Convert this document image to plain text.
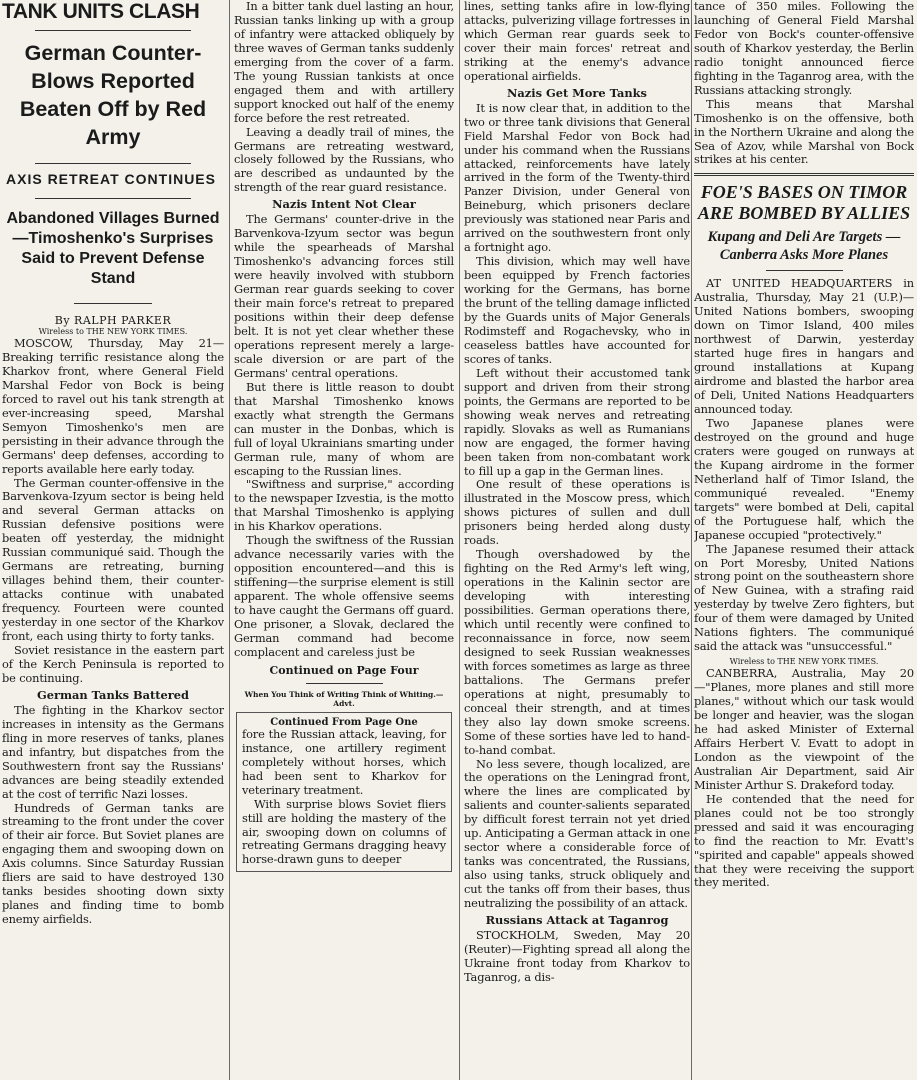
TANK UNITS CLASH
German Counter-Blows Reported Beaten Off by Red Army
AXIS RETREAT CONTINUES
Abandoned Villages Burned—Timoshenko's Surprises Said to Prevent Defense Stand
By RALPH PARKER
Wireless to THE NEW YORK TIMES.

MOSCOW, Thursday, May 21—Breaking terrific resistance along the Kharkov front, where General Field Marshal Fedor von Bock is being forced to ravel out his tank strength at ever-increasing speed, Marshal Semyon Timoshenko's men are persisting in their advance through the Germans' deep defenses, according to reports available here early today.

The German counter-offensive in the Barvenkova-Izyum sector is being held and several German attacks on Russian defensive positions were beaten off yesterday, the midnight Russian communiqué said. Though the Germans are retreating, burning villages behind them, their counter-attacks continue with unabated frequency. Fourteen were counted yesterday in one sector of the Kharkov front, each using thirty to forty tanks.

Soviet resistance in the eastern part of the Kerch Peninsula is reported to be continuing.

German Tanks Battered

The fighting in the Kharkov sector increases in intensity as the Germans fling in more reserves of tanks, planes and infantry, but dispatches from the Southwestern front say the Russians' advances are being steadily extended at the cost of terrific Nazi losses.

Hundreds of German tanks are streaming to the front under the cover of their air force. But Soviet planes are engaging them and swooping down on Axis columns. Since Saturday Russian fliers are said to have destroyed 130 tanks besides shooting down sixty planes and finding time to bomb enemy airfields.

In a bitter tank duel lasting an hour, Russian tanks linking up with a group of infantry were attacked obliquely by three waves of German tanks suddenly emerging from the cover of a farm. The young Russian tankists at once engaged them and with artillery support knocked out half of the enemy force before the rest retreated.

Leaving a deadly trail of mines, the Germans are retreating westward, closely followed by the Russians, who are described as undaunted by the strength of the rear guard resistance.

Nazis Intent Not Clear

The Germans' counter-drive in the Barvenkova-Izyum sector was begun while the spearheads of Marshal Timoshenko's advancing forces still were heavily involved with stubborn German rear guards seeking to cover their main force's retreat to prepared positions within their deep defense belt. It is not yet clear whether these operations represent merely a large-scale diversion or are part of the Germans' central operations.

But there is little reason to doubt that Marshal Timoshenko knows exactly what strength the Germans can muster in the Donbas, which is full of loyal Ukrainians smarting under German rule, many of whom are escaping to the Russian lines.

"Swiftness and surprise," according to the newspaper Izvestia, is the motto that Marshal Timoshenko is applying in his Kharkov operations.

Though the swiftness of the Russian advance necessarily varies with the opposition encountered—and this is stiffening—the surprise element is still apparent. The whole offensive seems to have caught the Germans off guard. One prisoner, a Slovak, declared the German command had become complacent and careless just be

Continued on Page Four
When You Think of Writing Think of Whiting.—Advt.
Continued From Page One

fore the Russian attack, leaving, for instance, one artillery regiment completely without horses, which had been sent to Kharkov for veterinary treatment.

With surprise blows Soviet fliers still are holding the mastery of the air, swooping down on columns of retreating Germans dragging heavy horse-drawn guns to deeper

lines, setting tanks afire in low-flying attacks, pulverizing village fortresses in which German rear guards seek to cover their main forces' retreat and striking at the enemy's advance operational airfields.

Nazis Get More Tanks

It is now clear that, in addition to the two or three tank divisions that General Field Marshal Fedor von Bock had under his command when the Russians attacked, reinforcements have lately arrived in the form of the Twenty-third Panzer Division, under General von Beineburg, which prisoners declare previously was stationed near Paris and arrived on the southwestern front only a fortnight ago.

This division, which may well have been equipped by French factories working for the Germans, has borne the brunt of the telling damage inflicted by the Guards units of Major Generals Rodimsteff and Rogachevsky, who in ceaseless battles have accounted for scores of tanks.

Left without their accustomed tank support and driven from their strong points, the Germans are reported to be showing weak nerves and retreating rapidly. Slovaks as well as Rumanians now are engaged, the former having been taken from non-combatant work to fill up a gap in the German lines.

One result of these operations is illustrated in the Moscow press, which shows pictures of sullen and dull prisoners being herded along dusty roads.

Though overshadowed by the fighting on the Red Army's left wing, operations in the Kalinin sector are developing with interesting possibilities. German operations there, which until recently were confined to reconnaissance in force, now seem designed to seek Russian weaknesses with forces sometimes as large as three battalions. The Germans prefer operations at night, presumably to conceal their strength, and at times they also lay down smoke screens. Some of these sorties have led to hand-to-hand combat.

No less severe, though localized, are the operations on the Leningrad front, where the lines are complicated by salients and counter-salients separated by difficult forest terrain not yet dried up. Anticipating a German attack in one sector where a considerable force of tanks was concentrated, the Russians, also using tanks, struck obliquely and cut the tanks off from their bases, thus neutralizing the possibility of an attack.

Russians Attack at Taganrog

STOCKHOLM, Sweden, May 20 (Reuter)—Fighting spread all along the Ukraine front today from Kharkov to Taganrog, a dis-

tance of 350 miles. Following the launching of General Field Marshal Fedor von Bock's counter-offensive south of Kharkov yesterday, the Berlin radio tonight announced fierce fighting in the Taganrog area, with the Russians attacking strongly.

This means that Marshal Timoshenko is on the offensive, both in the Northern Ukraine and along the Sea of Azov, while Marshal von Bock strikes at his center.

FOE'S BASES ON TIMOR ARE BOMBED BY ALLIES
Kupang and Deli Are Targets —Canberra Asks More Planes

AT UNITED HEADQUARTERS in Australia, Thursday, May 21 (U.P.)—United Nations bombers, swooping down on Timor Island, 400 miles northwest of Darwin, yesterday started huge fires in hangars and ground installations at Kupang airdrome and blasted the harbor area of Deli, United Nations Headquarters announced today.

Two Japanese planes were destroyed on the ground and huge craters were gouged on runways at the Kupang airdrome in the former Netherland half of Timor Island, the communiqué revealed. "Enemy targets" were bombed at Deli, capital of the Portuguese half, which the Japanese occupied "protectively."

The Japanese resumed their attack on Port Moresby, United Nations strong point on the southeastern shore of New Guinea, with a strafing raid yesterday by twelve Zero fighters, but four of them were damaged by United Nations fighters. The communiqué said the attack was "unsuccessful."

Wireless to THE NEW YORK TIMES.

CANBERRA, Australia, May 20—"Planes, more planes and still more planes," without which our task would be longer and heavier, was the slogan he had asked Minister of External Affairs Herbert V. Evatt to adopt in London as the viewpoint of the Australian Air Department, said Air Minister Arthur S. Drakeford today.

He contended that the need for planes could not be too strongly pressed and said it was encouraging to find the reaction to Mr. Evatt's "spirited and capable" appeals showed that they were receiving the support they merited.
